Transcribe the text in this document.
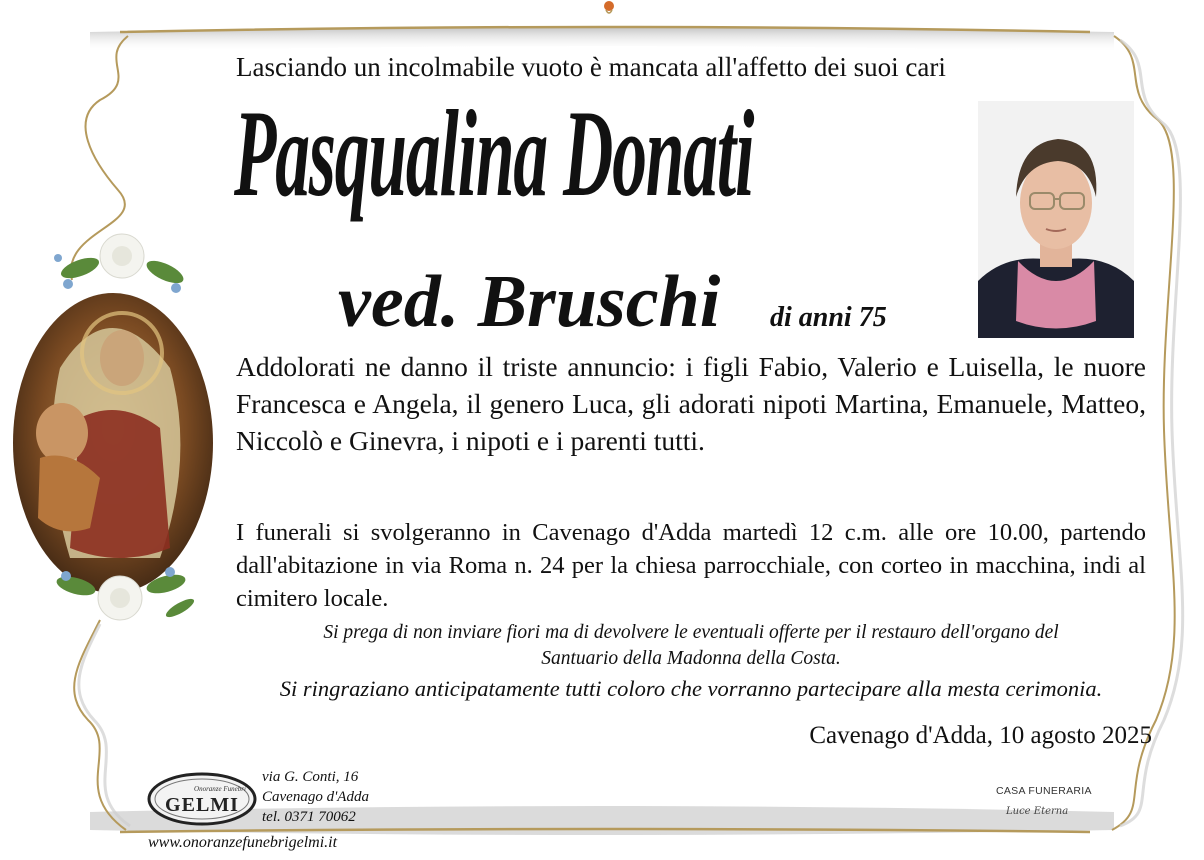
Lasciando un incolmabile vuoto è mancata all'affetto dei suoi cari
Pasqualina Donati
ved. Bruschi di anni 75
Addolorati ne danno il triste annuncio: i figli Fabio, Valerio e Luisella, le nuore Francesca e Angela, il genero Luca, gli adorati nipoti Martina, Emanuele, Matteo, Niccolò e Ginevra, i nipoti e i parenti tutti.
I funerali si svolgeranno in Cavenago d'Adda martedì 12 c.m. alle ore 10.00, partendo dall'abitazione in via Roma n. 24 per la chiesa parrocchiale, con corteo in macchina, indi al cimitero locale.
Si prega di non inviare fiori ma di devolvere le eventuali offerte per il restauro dell'organo del
Santuario della Madonna della Costa.
Si ringraziano anticipatamente tutti coloro che vorranno partecipare alla mesta cerimonia.
Cavenago d'Adda, 10 agosto 2025
Onoranze Funebri
GELMI
via G. Conti, 16
Cavenago d'Adda
tel. 0371 70062
www.onoranzefunebrigelmi.it
CASA FUNERARIA
Luce Eterna
